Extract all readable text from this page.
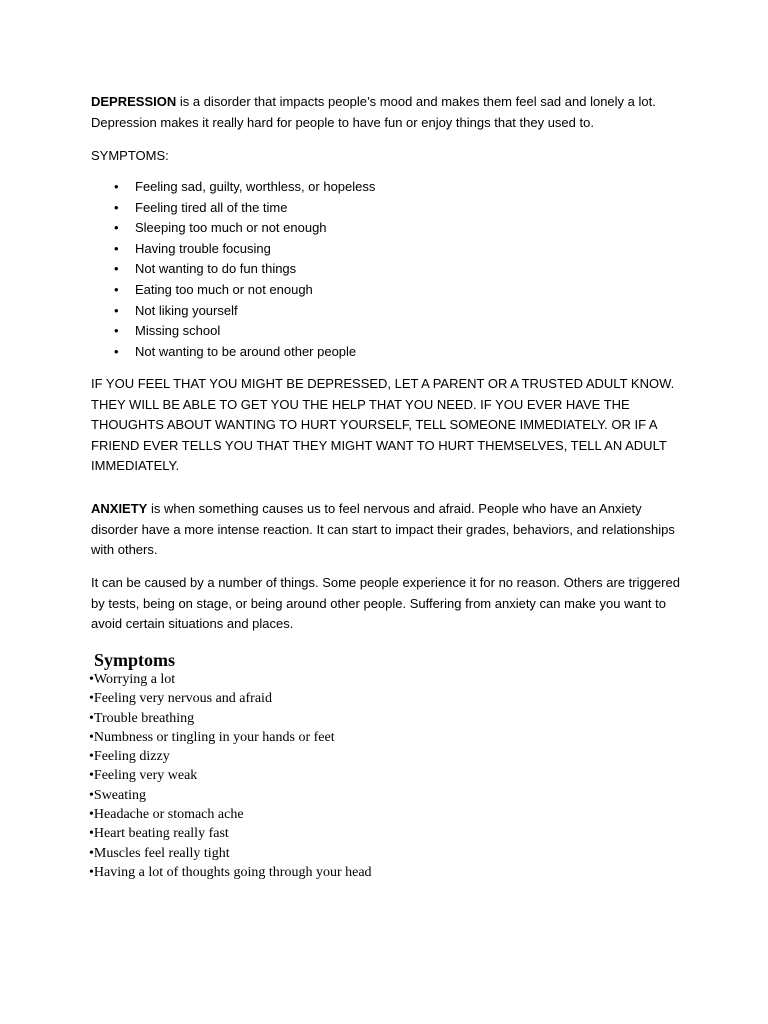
DEPRESSION is a disorder that impacts people’s mood and makes them feel sad and lonely a lot. Depression makes it really hard for people to have fun or enjoy things that they used to.

SYMPTOMS:

• Feeling sad, guilty, worthless, or hopeless
• Feeling tired all of the time
• Sleeping too much or not enough
• Having trouble focusing
• Not wanting to do fun things
• Eating too much or not enough
• Not liking yourself
• Missing school
• Not wanting to be around other people

IF YOU FEEL THAT YOU MIGHT BE DEPRESSED, LET A PARENT OR A TRUSTED ADULT KNOW. THEY WILL BE ABLE TO GET YOU THE HELP THAT YOU NEED. IF YOU EVER HAVE THE THOUGHTS ABOUT WANTING TO HURT YOURSELF, TELL SOMEONE IMMEDIATELY. OR IF A FRIEND EVER TELLS YOU THAT THEY MIGHT WANT TO HURT THEMSELVES, TELL AN ADULT IMMEDIATELY.

ANXIETY is when something causes us to feel nervous and afraid. People who have an Anxiety disorder have a more intense reaction. It can start to impact their grades, behaviors, and relationships with others.

It can be caused by a number of things. Some people experience it for no reason. Others are triggered by tests, being on stage, or being around other people. Suffering from anxiety can make you want to avoid certain situations and places.

Symptoms
•Worrying a lot
•Feeling very nervous and afraid
•Trouble breathing
•Numbness or tingling in your hands or feet
•Feeling dizzy
•Feeling very weak
•Sweating
•Headache or stomach ache
•Heart beating really fast
•Muscles feel really tight
•Having a lot of thoughts going through your head
